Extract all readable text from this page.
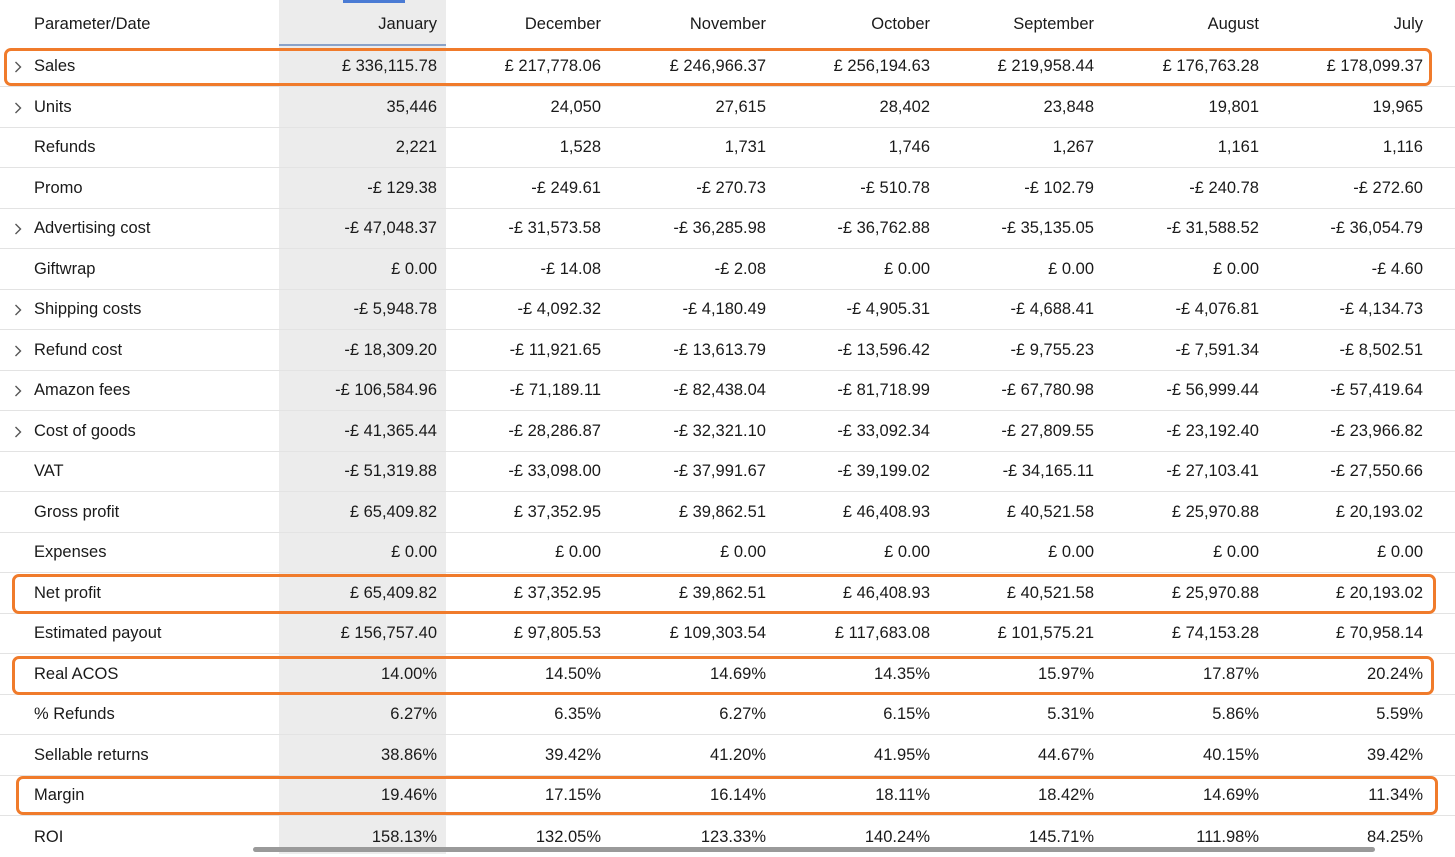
Parameter/Date	January	December	November	October	September	August	July
Sales	£ 336,115.78	£ 217,778.06	£ 246,966.37	£ 256,194.63	£ 219,958.44	£ 176,763.28	£ 178,099.37
Units	35,446	24,050	27,615	28,402	23,848	19,801	19,965
Refunds	2,221	1,528	1,731	1,746	1,267	1,161	1,116
Promo	-£ 129.38	-£ 249.61	-£ 270.73	-£ 510.78	-£ 102.79	-£ 240.78	-£ 272.60
Advertising cost	-£ 47,048.37	-£ 31,573.58	-£ 36,285.98	-£ 36,762.88	-£ 35,135.05	-£ 31,588.52	-£ 36,054.79
Giftwrap	£ 0.00	-£ 14.08	-£ 2.08	£ 0.00	£ 0.00	£ 0.00	-£ 4.60
Shipping costs	-£ 5,948.78	-£ 4,092.32	-£ 4,180.49	-£ 4,905.31	-£ 4,688.41	-£ 4,076.81	-£ 4,134.73
Refund cost	-£ 18,309.20	-£ 11,921.65	-£ 13,613.79	-£ 13,596.42	-£ 9,755.23	-£ 7,591.34	-£ 8,502.51
Amazon fees	-£ 106,584.96	-£ 71,189.11	-£ 82,438.04	-£ 81,718.99	-£ 67,780.98	-£ 56,999.44	-£ 57,419.64
Cost of goods	-£ 41,365.44	-£ 28,286.87	-£ 32,321.10	-£ 33,092.34	-£ 27,809.55	-£ 23,192.40	-£ 23,966.82
VAT	-£ 51,319.88	-£ 33,098.00	-£ 37,991.67	-£ 39,199.02	-£ 34,165.11	-£ 27,103.41	-£ 27,550.66
Gross profit	£ 65,409.82	£ 37,352.95	£ 39,862.51	£ 46,408.93	£ 40,521.58	£ 25,970.88	£ 20,193.02
Expenses	£ 0.00	£ 0.00	£ 0.00	£ 0.00	£ 0.00	£ 0.00	£ 0.00
Net profit	£ 65,409.82	£ 37,352.95	£ 39,862.51	£ 46,408.93	£ 40,521.58	£ 25,970.88	£ 20,193.02
Estimated payout	£ 156,757.40	£ 97,805.53	£ 109,303.54	£ 117,683.08	£ 101,575.21	£ 74,153.28	£ 70,958.14
Real ACOS	14.00%	14.50%	14.69%	14.35%	15.97%	17.87%	20.24%
% Refunds	6.27%	6.35%	6.27%	6.15%	5.31%	5.86%	5.59%
Sellable returns	38.86%	39.42%	41.20%	41.95%	44.67%	40.15%	39.42%
Margin	19.46%	17.15%	16.14%	18.11%	18.42%	14.69%	11.34%
ROI	158.13%	132.05%	123.33%	140.24%	145.71%	111.98%	84.25%
